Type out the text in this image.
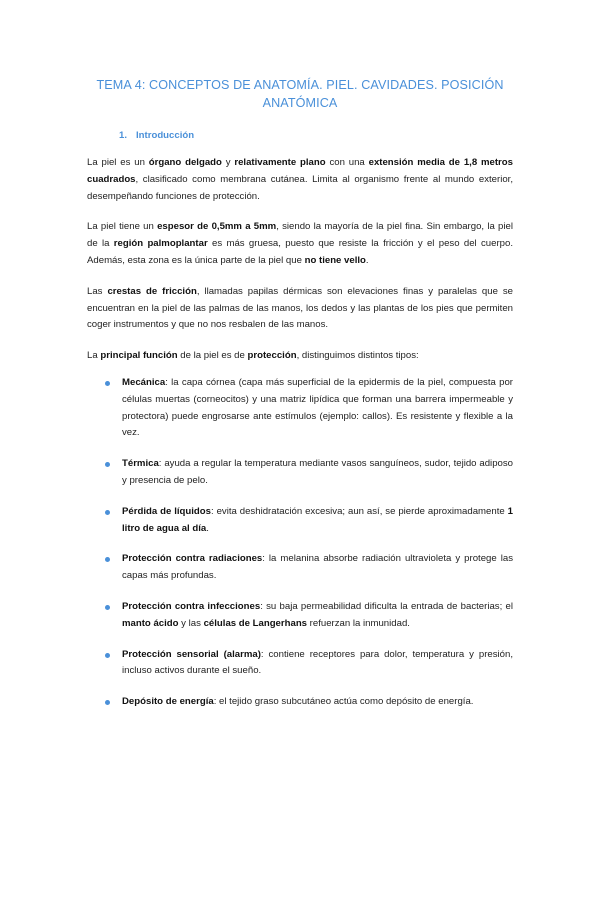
TEMA 4: CONCEPTOS DE ANATOMÍA. PIEL. CAVIDADES. POSICIÓN ANATÓMICA
1. Introducción

La piel es un órgano delgado y relativamente plano con una extensión media de 1,8 metros cuadrados, clasificado como membrana cutánea. Limita al organismo frente al mundo exterior, desempeñando funciones de protección.

La piel tiene un espesor de 0,5mm a 5mm, siendo la mayoría de la piel fina. Sin embargo, la piel de la región palmoplantar es más gruesa, puesto que resiste la fricción y el peso del cuerpo. Además, esta zona es la única parte de la piel que no tiene vello.

Las crestas de fricción, llamadas papilas dérmicas son elevaciones finas y paralelas que se encuentran en la piel de las palmas de las manos, los dedos y las plantas de los pies que permiten coger instrumentos y que no nos resbalen de las manos.

La principal función de la piel es de protección, distinguimos distintos tipos:

Mecánica: la capa córnea (capa más superficial de la epidermis de la piel, compuesta por células muertas (corneocitos) y una matriz lipídica que forman una barrera impermeable y protectora) puede engrosarse ante estímulos (ejemplo: callos). Es resistente y flexible a la vez.
Térmica: ayuda a regular la temperatura mediante vasos sanguíneos, sudor, tejido adiposo y presencia de pelo.
Pérdida de líquidos: evita deshidratación excesiva; aun así, se pierde aproximadamente 1 litro de agua al día.
Protección contra radiaciones: la melanina absorbe radiación ultravioleta y protege las capas más profundas.
Protección contra infecciones: su baja permeabilidad dificulta la entrada de bacterias; el manto ácido y las células de Langerhans refuerzan la inmunidad.
Protección sensorial (alarma): contiene receptores para dolor, temperatura y presión, incluso activos durante el sueño.
Depósito de energía: el tejido graso subcutáneo actúa como depósito de energía.
